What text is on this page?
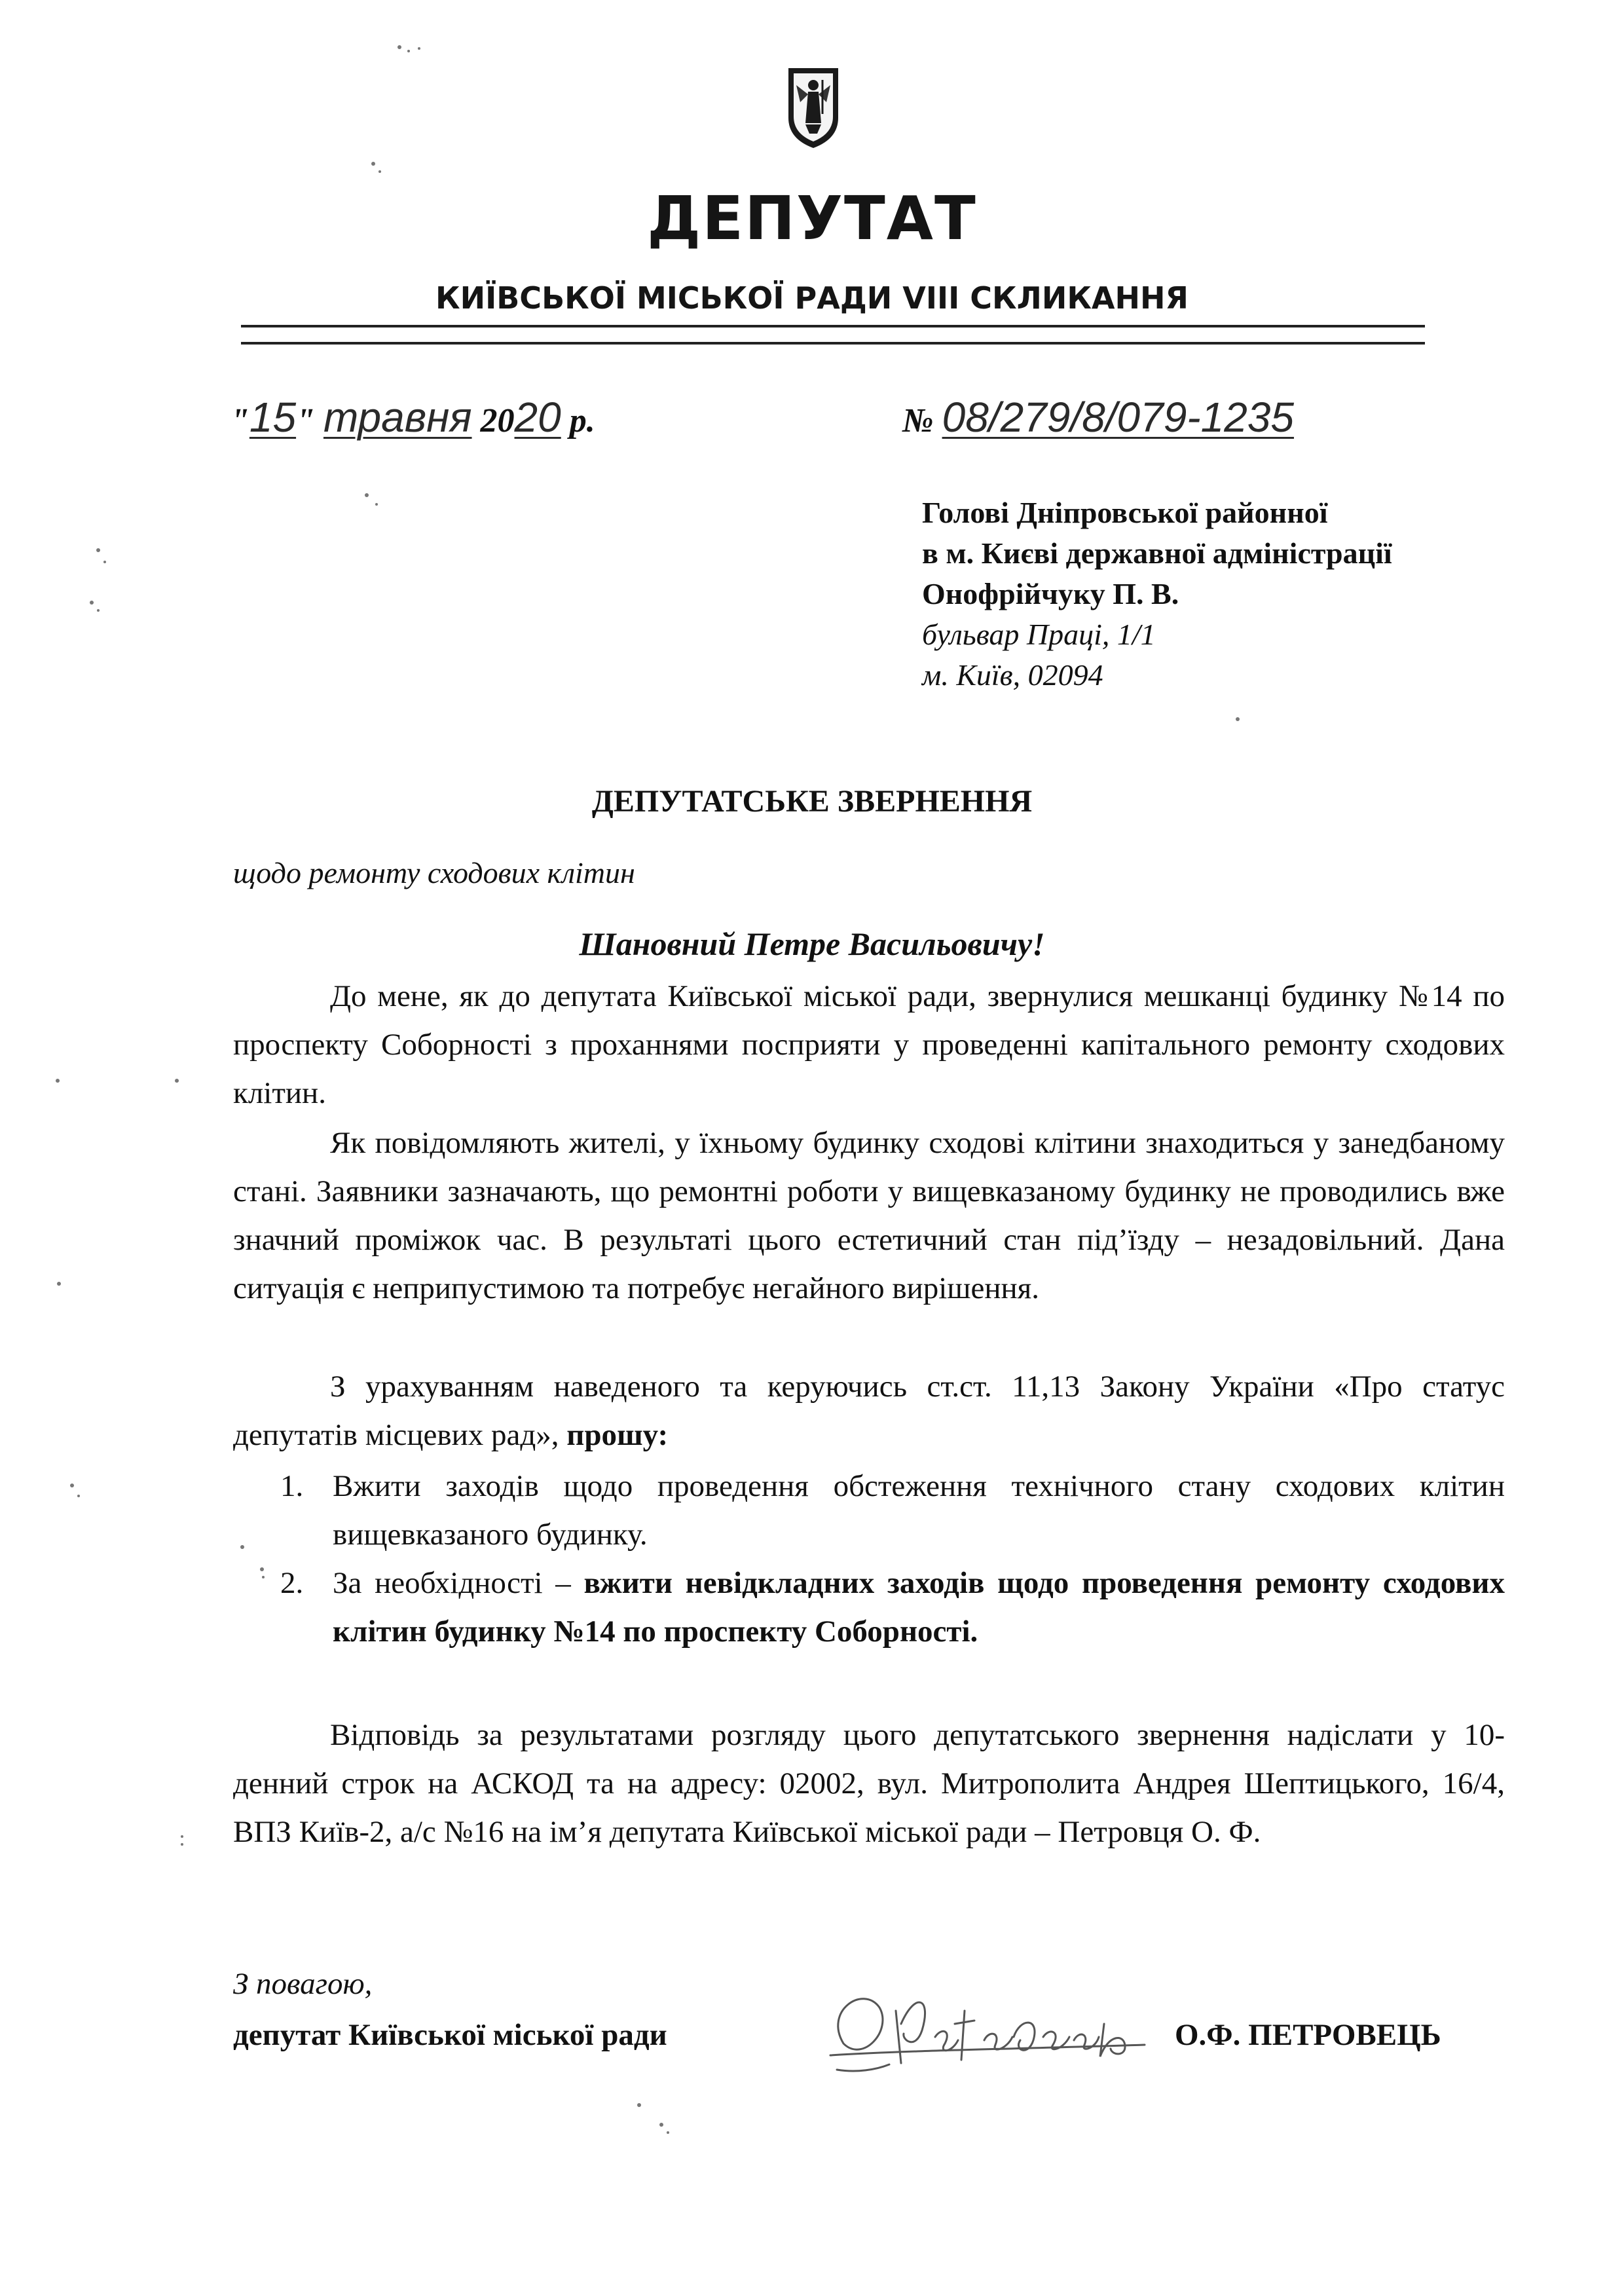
ДЕПУТАТ
КИЇВСЬКОЇ МІСЬКОЇ РАДИ VIII СКЛИКАННЯ
"15" травня 2020 р.	№ 08/279/8/079-1235
Голові Дніпровської районної
в м. Києві державної адміністрації
Онофрійчуку П. В.
бульвар Праці, 1/1
м. Київ, 02094
ДЕПУТАТСЬКЕ ЗВЕРНЕННЯ
щодо ремонту сходових клітин
Шановний Петре Васильовичу!

До мене, як до депутата Київської міської ради, звернулися мешканці будинку №14 по проспекту Соборності з проханнями посприяти у проведенні капітального ремонту сходових клітин.

Як повідомляють жителі, у їхньому будинку сходові клітини знаходиться у занедбаному стані. Заявники зазначають, що ремонтні роботи у вищевказаному будинку не проводились вже значний проміжок час. В результаті цього естетичний стан під’їзду – незадовільний. Дана ситуація є неприпустимою та потребує негайного вирішення.

З урахуванням наведеного та керуючись ст.ст. 11,13 Закону України «Про статус депутатів місцевих рад», прошу:

1. Вжити заходів щодо проведення обстеження технічного стану сходових клітин вищевказаного будинку.

2. За необхідності – вжити невідкладних заходів щодо проведення ремонту сходових клітин будинку №14 по проспекту Соборності.

Відповідь за результатами розгляду цього депутатського звернення надіслати у 10-денний строк на АСКОД та на адресу: 02002, вул. Митрополита Андрея Шептицького, 16/4, ВПЗ Київ-2, а/с №16 на ім’я депутата Київської міської ради – Петровця О. Ф.

З повагою,
депутат Київської міської ради	О.Ф. ПЕТРОВЕЦЬ
